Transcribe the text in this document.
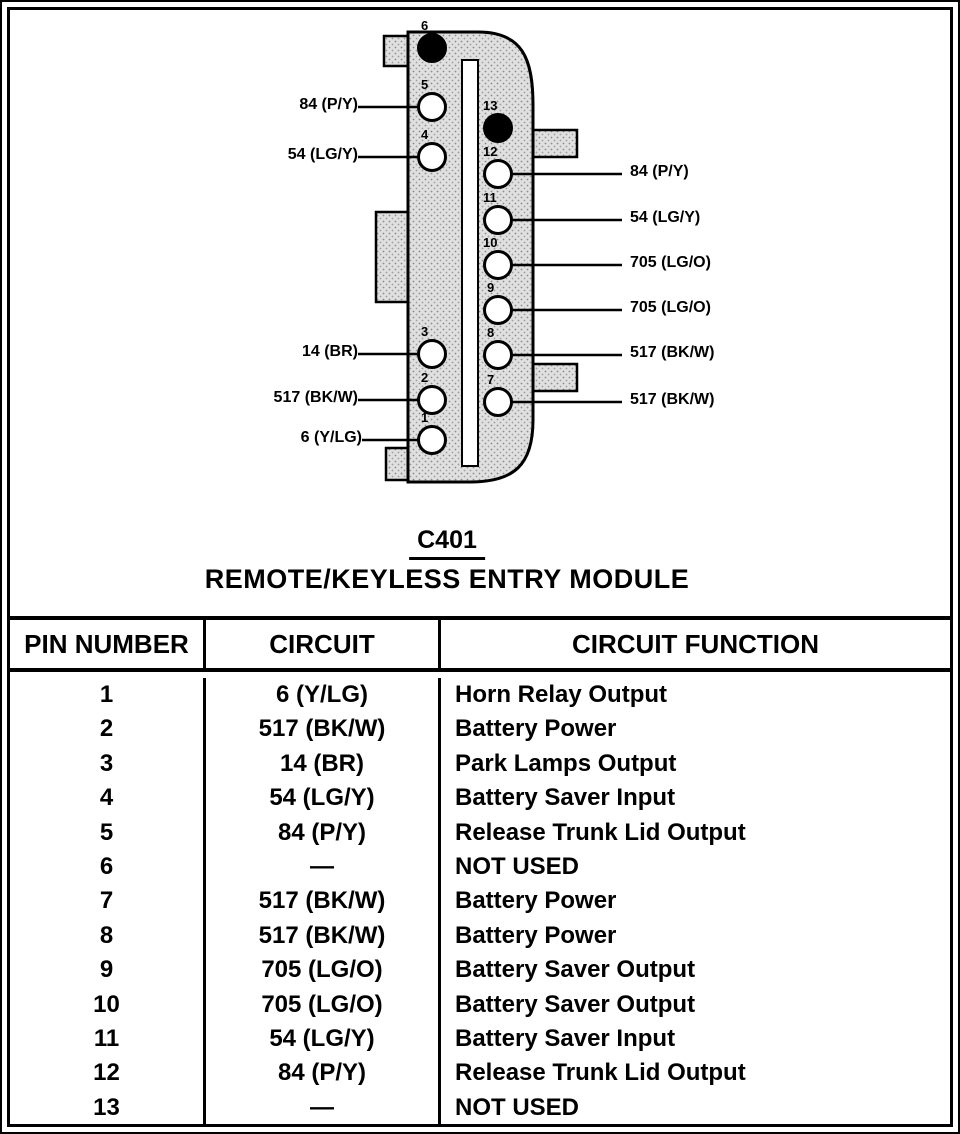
6
5
4
3
2
1
13
12
11
10
9
8
7
84 (P/Y)
54 (LG/Y)
14 (BR)
517 (BK/W)
6 (Y/LG)
84 (P/Y)
54 (LG/Y)
705 (LG/O)
705 (LG/O)
517 (BK/W)
517 (BK/W)
C401
REMOTE/KEYLESS ENTRY MODULE
PIN NUMBER	CIRCUIT	CIRCUIT FUNCTION
1	6 (Y/LG)	Horn Relay Output
2	517 (BK/W)	Battery Power
3	14 (BR)	Park Lamps Output
4	54 (LG/Y)	Battery Saver Input
5	84 (P/Y)	Release Trunk Lid Output
6	—	NOT USED
7	517 (BK/W)	Battery Power
8	517 (BK/W)	Battery Power
9	705 (LG/O)	Battery Saver Output
10	705 (LG/O)	Battery Saver Output
11	54 (LG/Y)	Battery Saver Input
12	84 (P/Y)	Release Trunk Lid Output
13	—	NOT USED
